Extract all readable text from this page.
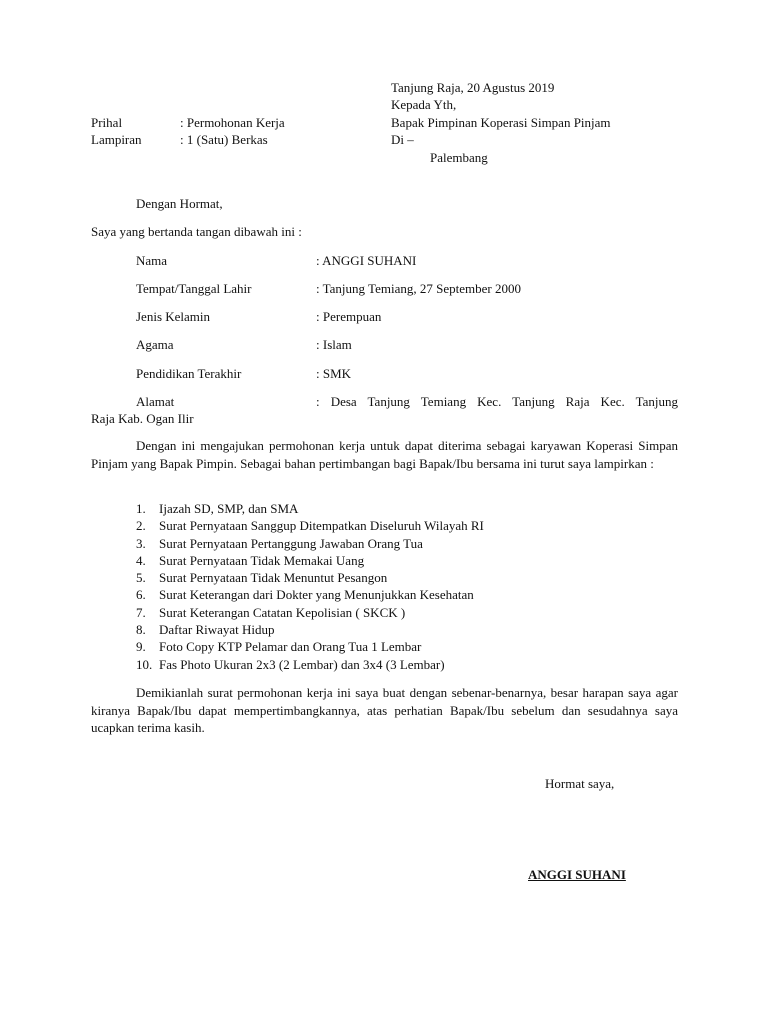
Tanjung Raja, 20 Agustus 2019
Kepada Yth,
Bapak Pimpinan Koperasi Simpan Pinjam
Di –
Palembang
Prihal	: Permohonan Kerja
Lampiran	: 1 (Satu) Berkas
Dengan Hormat,
Saya yang bertanda tangan dibawah ini :
Nama	: ANGGI SUHANI
Tempat/Tanggal Lahir	: Tanjung Temiang, 27 September 2000
Jenis Kelamin	: Perempuan
Agama	: Islam
Pendidikan Terakhir	: SMK
Alamat	: Desa Tanjung Temiang Kec. Tanjung Raja Kec. Tanjung
Raja Kab. Ogan Ilir
Dengan ini mengajukan permohonan kerja untuk dapat diterima sebagai karyawan Koperasi Simpan Pinjam yang Bapak Pimpin. Sebagai bahan pertimbangan bagi Bapak/Ibu bersama ini turut saya lampirkan :
1. Ijazah SD, SMP, dan SMA
2. Surat Pernyataan Sanggup Ditempatkan Diseluruh Wilayah RI
3. Surat Pernyataan Pertanggung Jawaban Orang Tua
4. Surat Pernyataan Tidak Memakai Uang
5. Surat Pernyataan Tidak Menuntut Pesangon
6. Surat Keterangan dari Dokter yang Menunjukkan Kesehatan
7. Surat Keterangan Catatan Kepolisian ( SKCK )
8. Daftar Riwayat Hidup
9. Foto Copy KTP Pelamar dan Orang Tua 1 Lembar
10. Fas Photo Ukuran 2x3 (2 Lembar) dan 3x4 (3 Lembar)
Demikianlah surat permohonan kerja ini saya buat dengan sebenar-benarnya, besar harapan saya agar kiranya Bapak/Ibu dapat mempertimbangkannya, atas perhatian Bapak/Ibu sebelum dan sesudahnya saya ucapkan terima kasih.
Hormat saya,
ANGGI SUHANI
